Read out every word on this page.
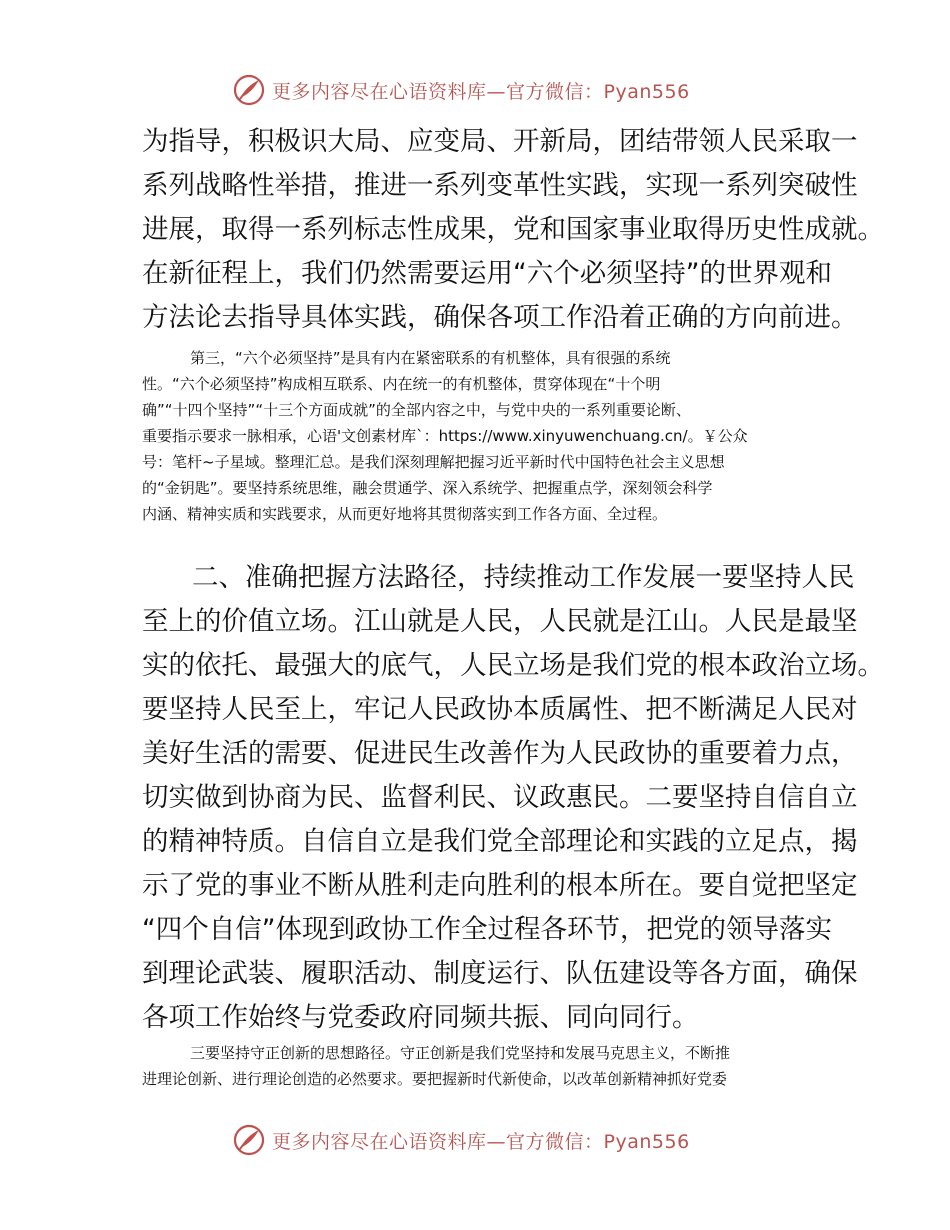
更多内容尽在心语资料库—官方微信：Pyan556
为指导，积极识大局、应变局、开新局，团结带领人民采取一
系列战略性举措，推进一系列变革性实践，实现一系列突破性
进展，取得一系列标志性成果，党和国家事业取得历史性成就。
在新征程上，我们仍然需要运用“六个必须坚持”的世界观和
方法论去指导具体实践，确保各项工作沿着正确的方向前进。
第三，“六个必须坚持”是具有内在紧密联系的有机整体，具有很强的系统
性。“六个必须坚持”构成相互联系、内在统一的有机整体，贯穿体现在“十个明
确”“十四个坚持”“十三个方面成就”的全部内容之中，与党中央的一系列重要论断、
重要指示要求一脉相承，心语'文创素材库`：https://www.xinyuwenchuang.cn/。￥公众
号：笔杆~子星域。整理汇总。是我们深刻理解把握习近平新时代中国特色社会主义思想
的“金钥匙”。要坚持系统思维，融会贯通学、深入系统学、把握重点学，深刻领会科学
内涵、精神实质和实践要求，从而更好地将其贯彻落实到工作各方面、全过程。
二、准确把握方法路径，持续推动工作发展一要坚持人民
至上的价值立场。江山就是人民，人民就是江山。人民是最坚
实的依托、最强大的底气，人民立场是我们党的根本政治立场。
要坚持人民至上，牢记人民政协本质属性、把不断满足人民对
美好生活的需要、促进民生改善作为人民政协的重要着力点，
切实做到协商为民、监督利民、议政惠民。二要坚持自信自立
的精神特质。自信自立是我们党全部理论和实践的立足点，揭
示了党的事业不断从胜利走向胜利的根本所在。要自觉把坚定
“四个自信”体现到政协工作全过程各环节，把党的领导落实
到理论武装、履职活动、制度运行、队伍建设等各方面，确保
各项工作始终与党委政府同频共振、同向同行。
三要坚持守正创新的思想路径。守正创新是我们党坚持和发展马克思主义，不断推
进理论创新、进行理论创造的必然要求。要把握新时代新使命，以改革创新精神抓好党委
更多内容尽在心语资料库—官方微信：Pyan556
